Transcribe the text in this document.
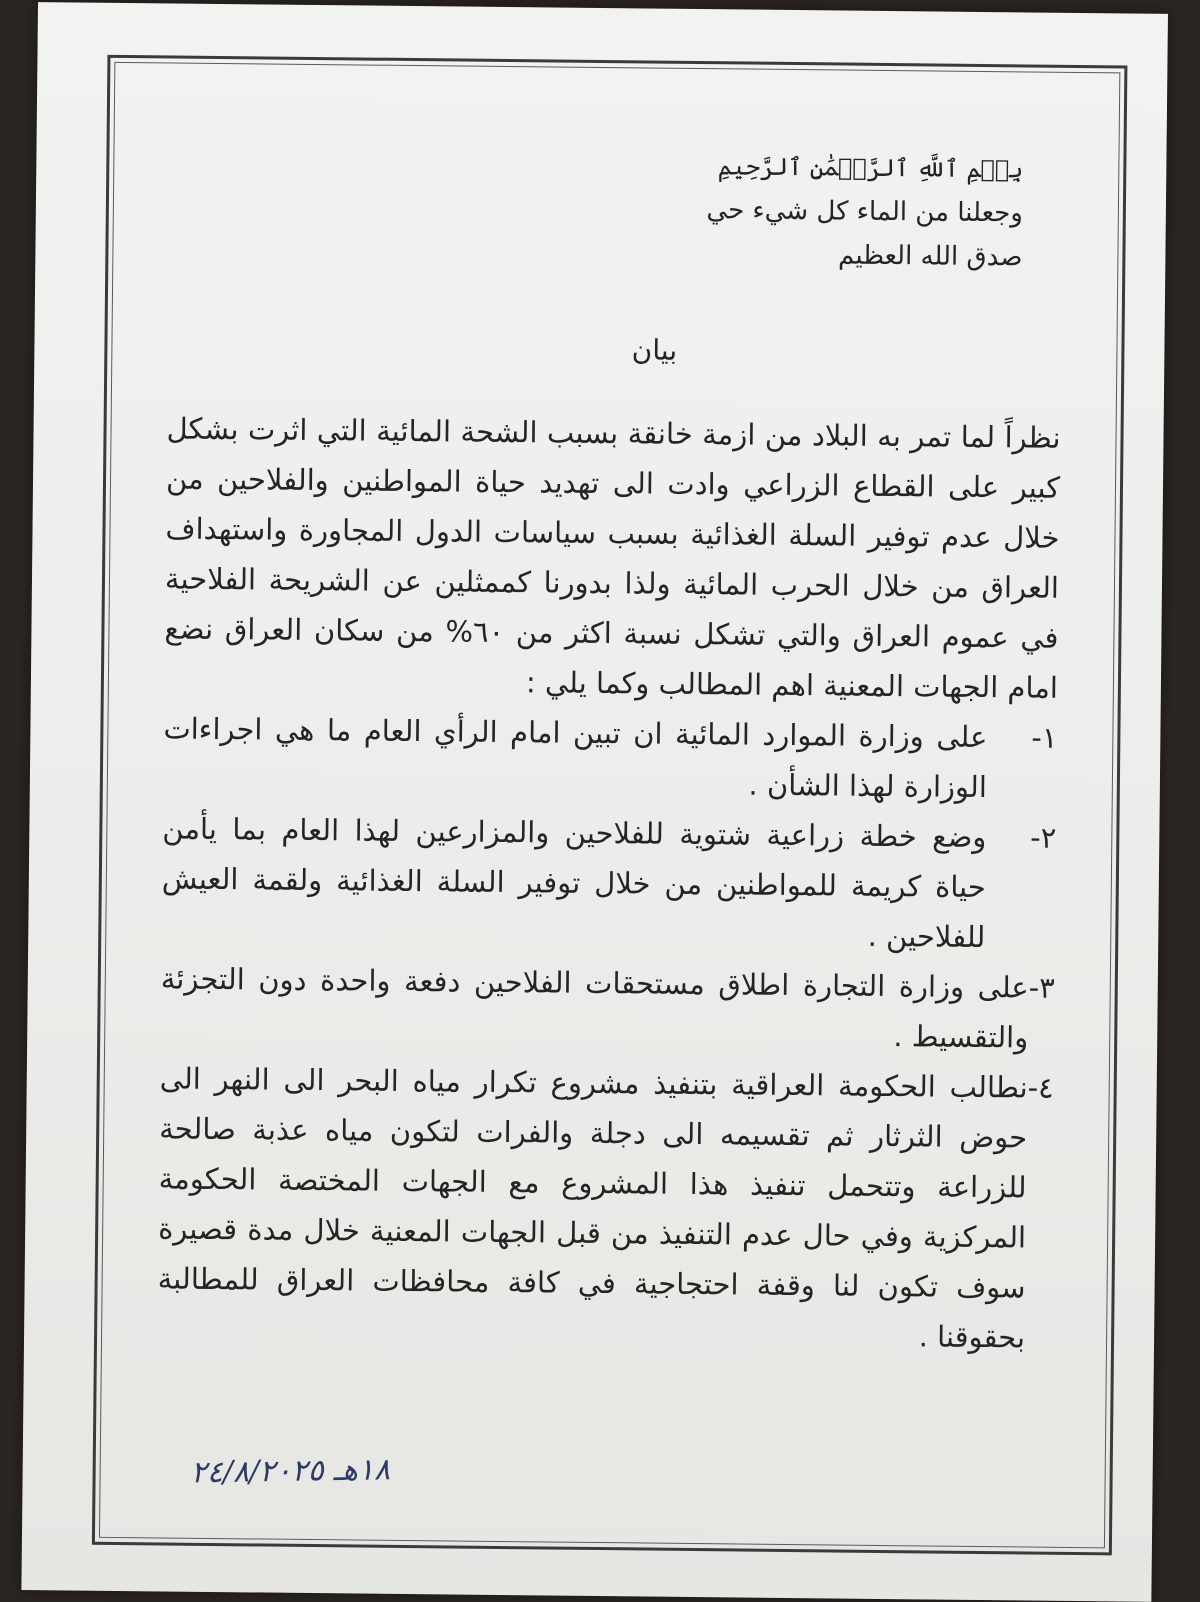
بِسۡمِ ٱللَّهِ ٱلرَّحۡمَٰنِ ٱلرَّحِيمِ
وجعلنا من الماء كل شيء حي
صدق الله العظيم
بيان

نظراً لما تمر به البلاد من ازمة خانقة بسبب الشحة المائية التي اثرت بشكل كبير على القطاع الزراعي وادت الى تهديد حياة المواطنين والفلاحين من خلال عدم توفير السلة الغذائية بسبب سياسات الدول المجاورة واستهداف العراق من خلال الحرب المائية ولذا بدورنا كممثلين عن الشريحة الفلاحية في عموم العراق والتي تشكل نسبة اكثر من ٦٠% من سكان العراق نضع امام الجهات المعنية اهم المطالب وكما يلي :

١-
على وزارة الموارد المائية ان تبين امام الرأي العام ما هي اجراءات الوزارة لهذا الشأن .
٢-
وضع خطة زراعية شتوية للفلاحين والمزارعين لهذا العام بما يأمن حياة كريمة للمواطنين من خلال توفير السلة الغذائية ولقمة العيش للفلاحين .
٣-
على وزارة التجارة اطلاق مستحقات الفلاحين دفعة واحدة دون التجزئة والتقسيط .
٤-
نطالب الحكومة العراقية بتنفيذ مشروع تكرار مياه البحر الى النهر الى حوض الثرثار ثم تقسيمه الى دجلة والفرات لتكون مياه عذبة صالحة للزراعة وتتحمل تنفيذ هذا المشروع مع الجهات المختصة الحكومة المركزية وفي حال عدم التنفيذ من قبل الجهات المعنية خلال مدة قصيرة سوف تكون لنا وقفة احتجاجية في كافة محافظات العراق للمطالبة بحقوقنا .
١٨هـ ٢٤/٨/٢٠٢٥
